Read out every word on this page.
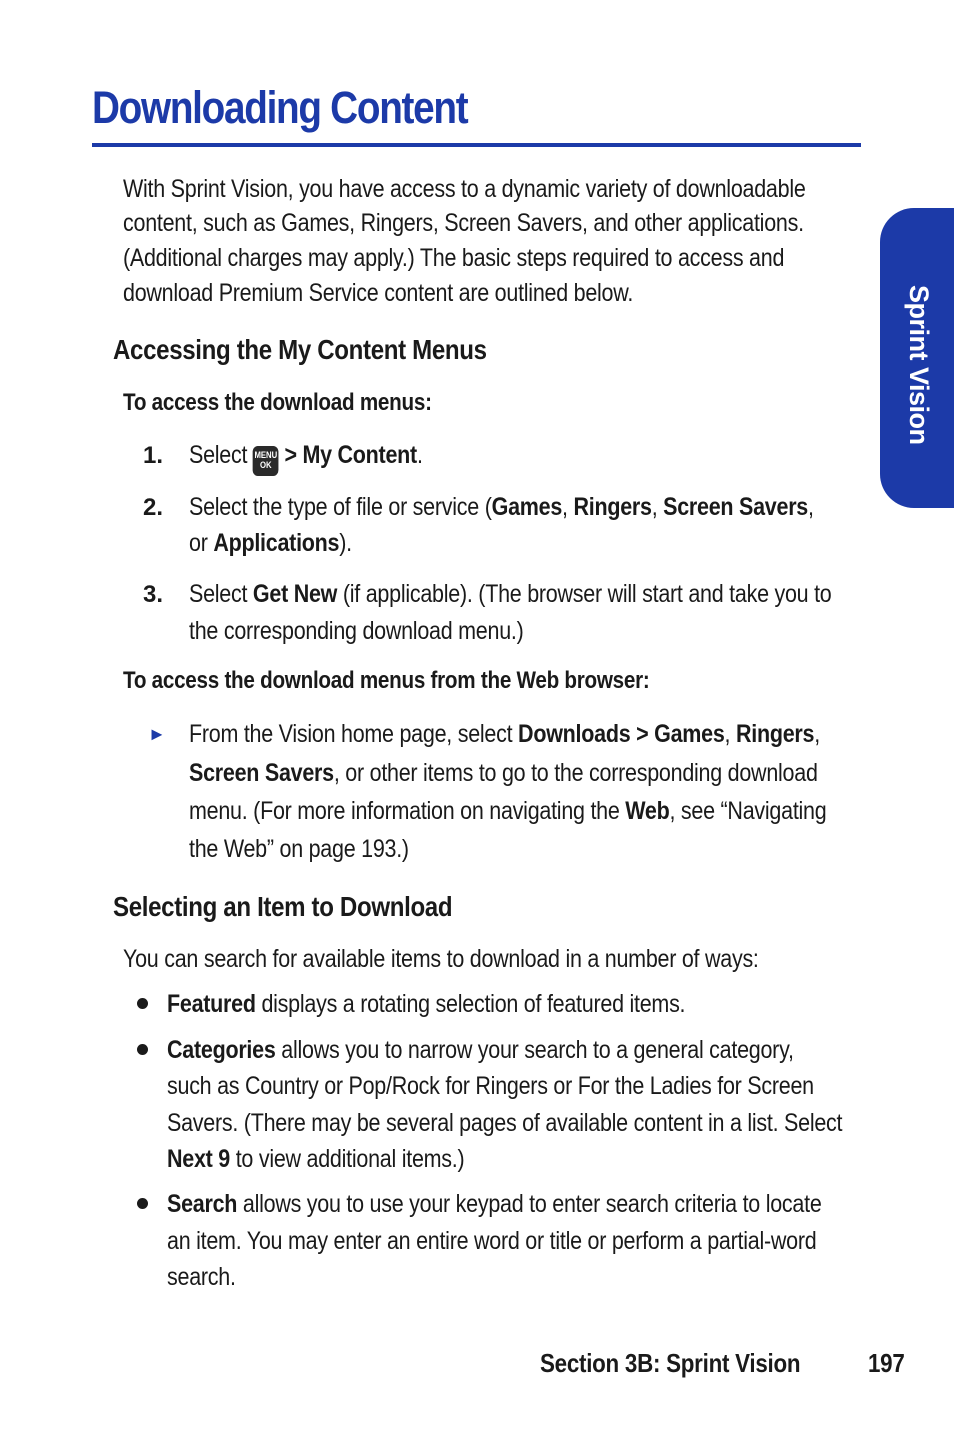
Downloading Content
Sprint Vision
With Sprint Vision, you have access to a dynamic variety of downloadable
content, such as Games, Ringers, Screen Savers, and other applications.
(Additional charges may apply.) The basic steps required to access and
download Premium Service content are outlined below.
Accessing the My Content Menus
To access the download menus:
1. Select MENU
OK > My Content.
2. Select the type of file or service (Games, Ringers, Screen Savers,
or Applications).
3. Select Get New (if applicable). (The browser will start and take you to
the corresponding download menu.)
To access the download menus from the Web browser:
► From the Vision home page, select Downloads > Games, Ringers,
Screen Savers, or other items to go to the corresponding download
menu. (For more information on navigating the Web, see “Navigating
the Web” on page 193.)
Selecting an Item to Download
You can search for available items to download in a number of ways:
Featured displays a rotating selection of featured items.
Categories allows you to narrow your search to a general category,
such as Country or Pop/Rock for Ringers or For the Ladies for Screen
Savers. (There may be several pages of available content in a list. Select
Next 9 to view additional items.)
Search allows you to use your keypad to enter search criteria to locate
an item. You may enter an entire word or title or perform a partial-word
search.
Section 3B: Sprint Vision	197
